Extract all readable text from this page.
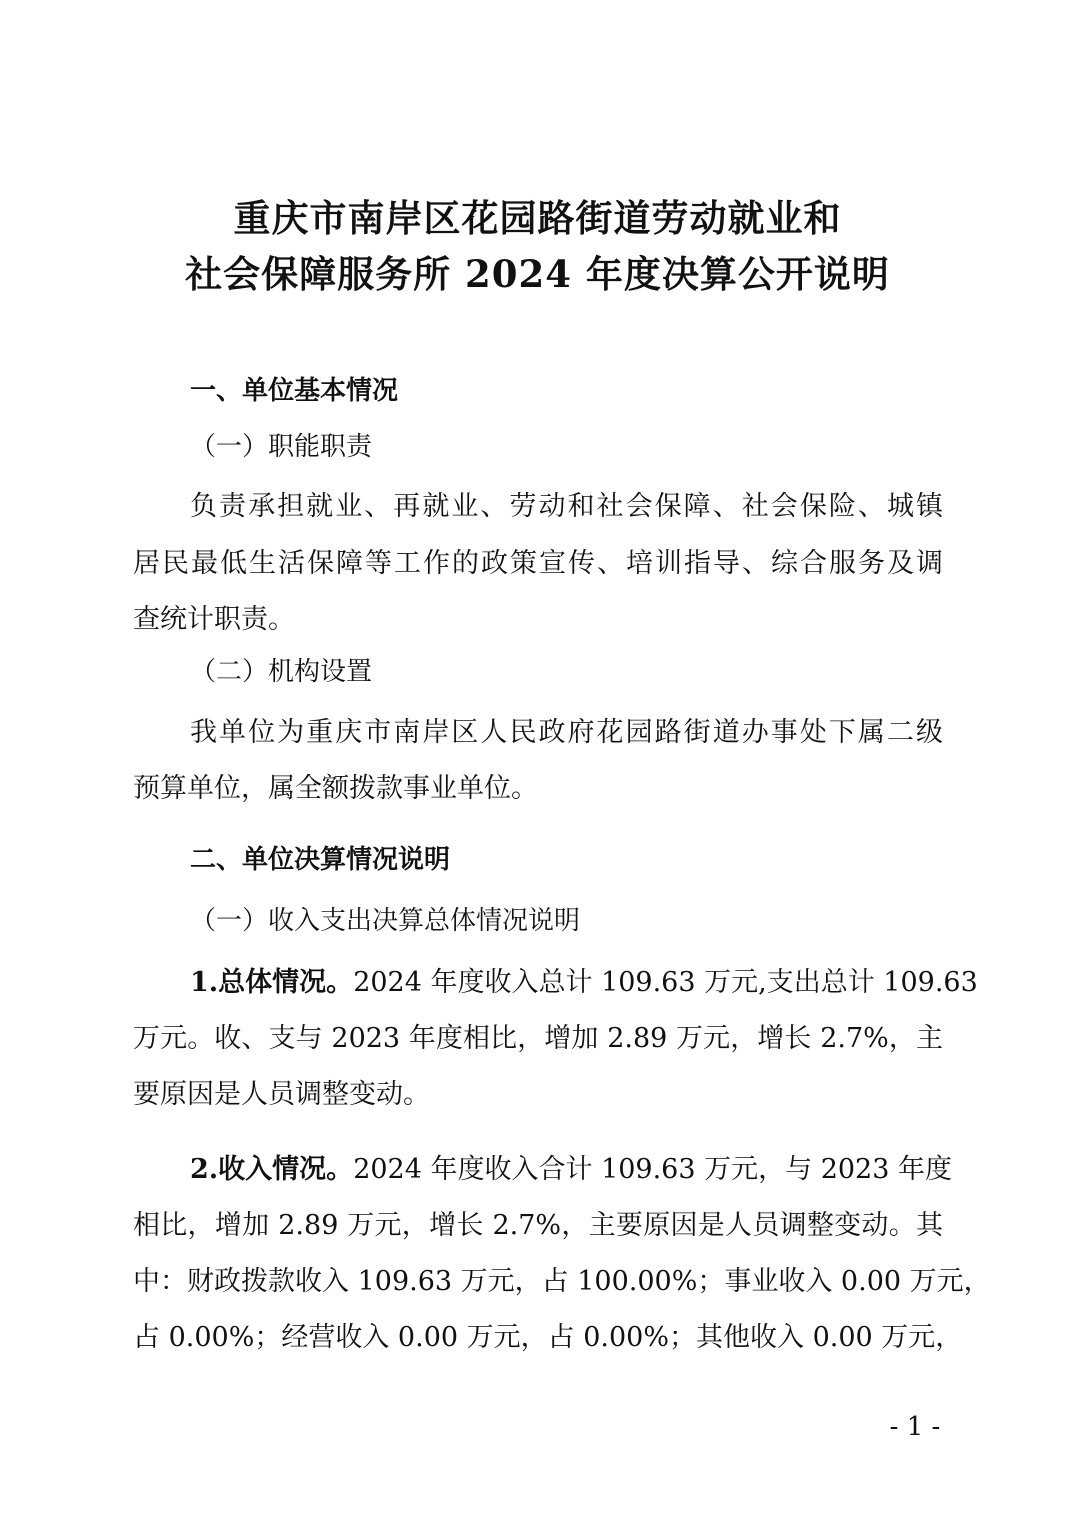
重庆市南岸区花园路街道劳动就业和
社会保障服务所 2024 年度决算公开说明
一、单位基本情况
（一）职能职责
负责承担就业、再就业、劳动和社会保障、社会保险、城镇
居民最低生活保障等工作的政策宣传、培训指导、综合服务及调
查统计职责。
（二）机构设置
我单位为重庆市南岸区人民政府花园路街道办事处下属二级
预算单位，属全额拨款事业单位。
二、单位决算情况说明
（一）收入支出决算总体情况说明
1.总体情况。2024 年度收入总计 109.63 万元,支出总计 109.63
万元。收、支与 2023 年度相比，增加 2.89 万元，增长 2.7%，主
要原因是人员调整变动。
2.收入情况。2024 年度收入合计 109.63 万元，与 2023 年度
相比，增加 2.89 万元，增长 2.7%，主要原因是人员调整变动。其
中：财政拨款收入 109.63 万元，占 100.00%；事业收入 0.00 万元，
占 0.00%；经营收入 0.00 万元，占 0.00%；其他收入 0.00 万元，
- 1 -
